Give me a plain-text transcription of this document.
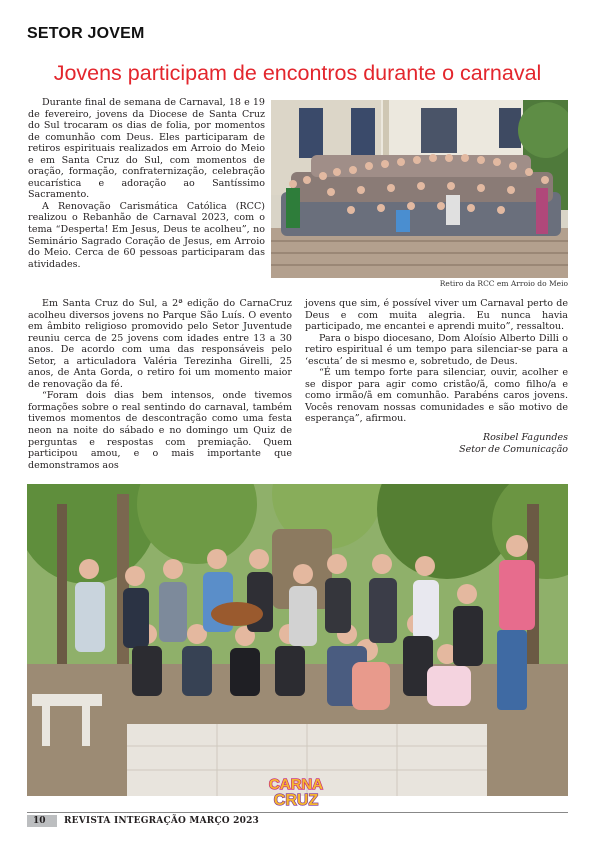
SETOR JOVEM
Jovens participam de encontros durante o carnaval

Durante final de semana de Carnaval, 18 e 19 de fevereiro, jovens da Diocese de Santa Cruz do Sul trocaram os dias de folia, por momentos de comunhão com Deus. Eles participaram de retiros espirituais realizados em Arroio do Meio e em Santa Cruz do Sul, com momentos de oração, formação, confraternização, celebração eucarística e adoração ao Santíssimo Sacramento.

A Renovação Carismática Católica (RCC) realizou o Rebanhão de Carnaval 2023, com o tema “Desperta! Em Jesus, Deus te acolheu”, no Seminário Sagrado Coração de Jesus, em Arroio do Meio. Cerca de 60 pessoas participaram das atividades.

Retiro da RCC em Arroio do Meio

Em Santa Cruz do Sul, a 2ª edição do CarnaCruz acolheu diversos jovens no Parque São Luís. O evento em âmbito religioso promovido pelo Setor Juventude reuniu cerca de 25 jovens com idades entre 13 a 30 anos. De acordo com uma das responsáveis pelo Setor, a articuladora Valéria Terezinha Girelli, 25 anos, de Anta Gorda, o retiro foi um momento maior de renovação da fé.

“Foram dois dias bem intensos, onde tivemos formações sobre o real sentindo do carnaval, também tivemos momentos de descontração como uma festa neon na noite do sábado e no domingo um Quiz de perguntas e respostas com premiação. Quem participou amou, e o mais importante que demonstramos aos

jovens que sim, é possível viver um Carnaval perto de Deus e com muita alegria. Eu nunca havia participado, me encantei e aprendi muito”, ressaltou.

Para o bispo diocesano, Dom Aloísio Alberto Dilli o retiro espiritual é um tempo para silenciar-se para a ‘escuta’ de si mesmo e, sobretudo, de Deus.

“É um tempo forte para silenciar, ouvir, acolher e se dispor para agir como cristão/ã, como filho/a e como irmão/ã em comunhão. Parabéns caros jovens. Vocês renovam nossas comunidades e são motivo de esperança”, afirmou.

Rosibel Fagundes
Setor de Comunicação
CARNA
CRUZ
10	REVISTA INTEGRAÇÃO MARÇO 2023
